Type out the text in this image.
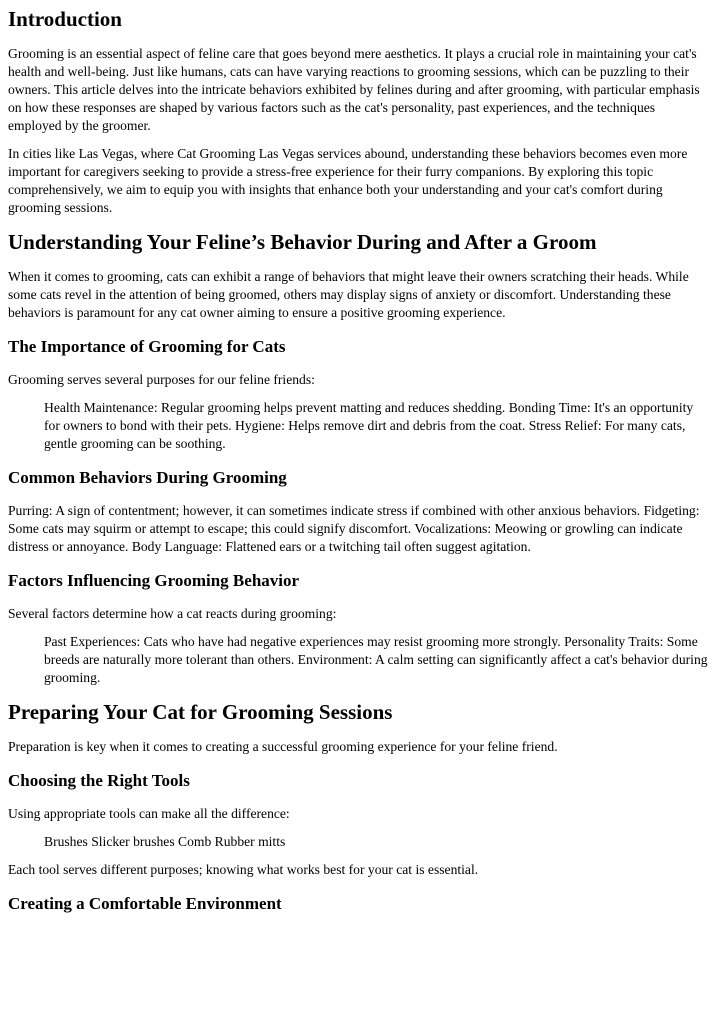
Introduction

Grooming is an essential aspect of feline care that goes beyond mere aesthetics. It plays a crucial role in maintaining your cat's health and well-being. Just like humans, cats can have varying reactions to grooming sessions, which can be puzzling to their owners. This article delves into the intricate behaviors exhibited by felines during and after grooming, with particular emphasis on how these responses are shaped by various factors such as the cat's personality, past experiences, and the techniques employed by the groomer.

In cities like Las Vegas, where Cat Grooming Las Vegas services abound, understanding these behaviors becomes even more important for caregivers seeking to provide a stress-free experience for their furry companions. By exploring this topic comprehensively, we aim to equip you with insights that enhance both your understanding and your cat's comfort during grooming sessions.

Understanding Your Feline’s Behavior During and After a Groom

When it comes to grooming, cats can exhibit a range of behaviors that might leave their owners scratching their heads. While some cats revel in the attention of being groomed, others may display signs of anxiety or discomfort. Understanding these behaviors is paramount for any cat owner aiming to ensure a positive grooming experience.

The Importance of Grooming for Cats

Grooming serves several purposes for our feline friends:

Health Maintenance: Regular grooming helps prevent matting and reduces shedding. Bonding Time: It's an opportunity for owners to bond with their pets. Hygiene: Helps remove dirt and debris from the coat. Stress Relief: For many cats, gentle grooming can be soothing.

Common Behaviors During Grooming

Purring: A sign of contentment; however, it can sometimes indicate stress if combined with other anxious behaviors. Fidgeting: Some cats may squirm or attempt to escape; this could signify discomfort. Vocalizations: Meowing or growling can indicate distress or annoyance. Body Language: Flattened ears or a twitching tail often suggest agitation.

Factors Influencing Grooming Behavior

Several factors determine how a cat reacts during grooming:

Past Experiences: Cats who have had negative experiences may resist grooming more strongly. Personality Traits: Some breeds are naturally more tolerant than others. Environment: A calm setting can significantly affect a cat's behavior during grooming.

Preparing Your Cat for Grooming Sessions

Preparation is key when it comes to creating a successful grooming experience for your feline friend.

Choosing the Right Tools

Using appropriate tools can make all the difference:

Brushes Slicker brushes Comb Rubber mitts

Each tool serves different purposes; knowing what works best for your cat is essential.

Creating a Comfortable Environment
